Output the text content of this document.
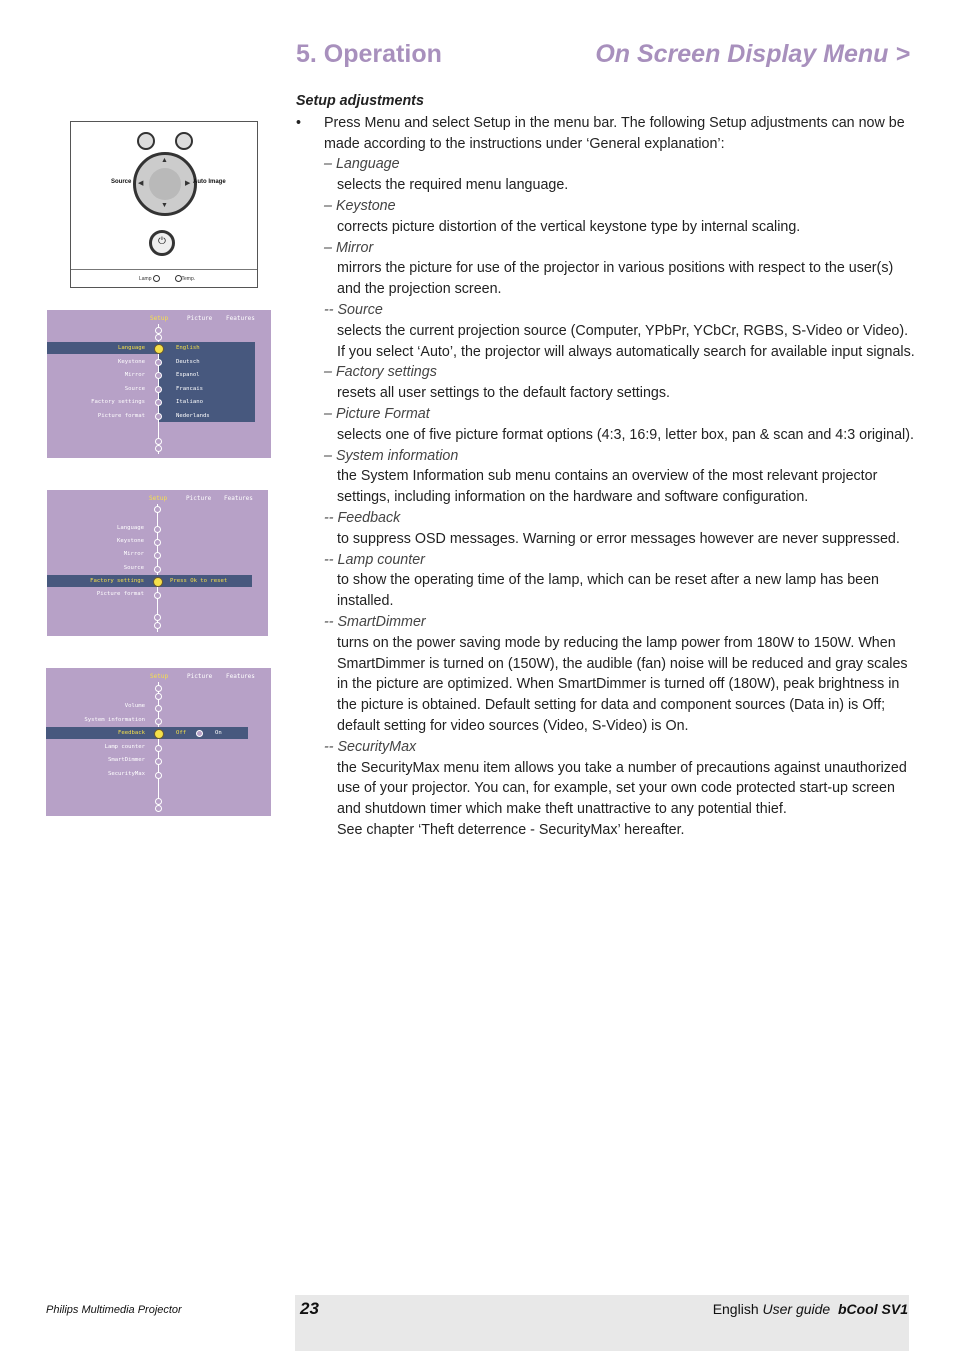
5. Operation	On Screen Display Menu >
▲
▼
◀	▶
Source	Auto Image
⏻
Lamp	Temp.
Setup	Picture Features
Language
Keystone
Mirror
Source
Factory settings
Picture format
English
Deutsch
Espanol
Francais
Italiano
Nederlands
Setup	Picture Features
Language
Keystone
Mirror
Source
Factory settings
Picture format
Press Ok to reset
Setup	Picture Features
Volume
System information
Feedback
Lamp counter
SmartDimmer
SecurityMax
Off	On
Setup adjustments
•	Press Menu and select Setup in the menu bar. The following Setup adjustments can now be made according to the instructions under ‘General explanation’:
– Language
selects the required menu language.
– Keystone
corrects picture distortion of the vertical keystone type by internal scaling.
– Mirror
mirrors the picture for use of the projector in various positions with respect to the user(s) and the projection screen.
-- Source
selects the current projection source (Computer, YPbPr, YCbCr, RGBS, S-Video or Video). If you select ‘Auto’, the projector will always automatically search for available input signals.
– Factory settings
resets all user settings to the default factory settings.
– Picture Format
selects one of five picture format options (4:3, 16:9, letter box, pan & scan and 4:3 original).
– System information
the System Information sub menu contains an overview of the most relevant projector settings, including information on the hardware and software configuration.
-- Feedback
to suppress OSD messages. Warning or error messages however are never suppressed.
-- Lamp counter
to show the operating time of the lamp, which can be reset after a new lamp has been installed.
-- SmartDimmer
turns on the power saving mode by reducing the lamp power from 180W to 150W. When SmartDimmer is turned on (150W), the audible (fan) noise will be reduced and gray scales in the picture are optimized. When SmartDimmer is turned off (180W), peak brightness in the picture is obtained. Default setting for data and component sources (Data in) is Off; default setting for video sources (Video, S-Video) is On.
-- SecurityMax
the SecurityMax menu item allows you take a number of precautions against unauthorized use of your projector. You can, for example, set your own code protected start-up screen and shutdown timer which make theft unattractive to any potential thief.
See chapter ‘Theft deterrence - SecurityMax’ hereafter.
Philips Multimedia Projector	23	English User guide bCool SV1
